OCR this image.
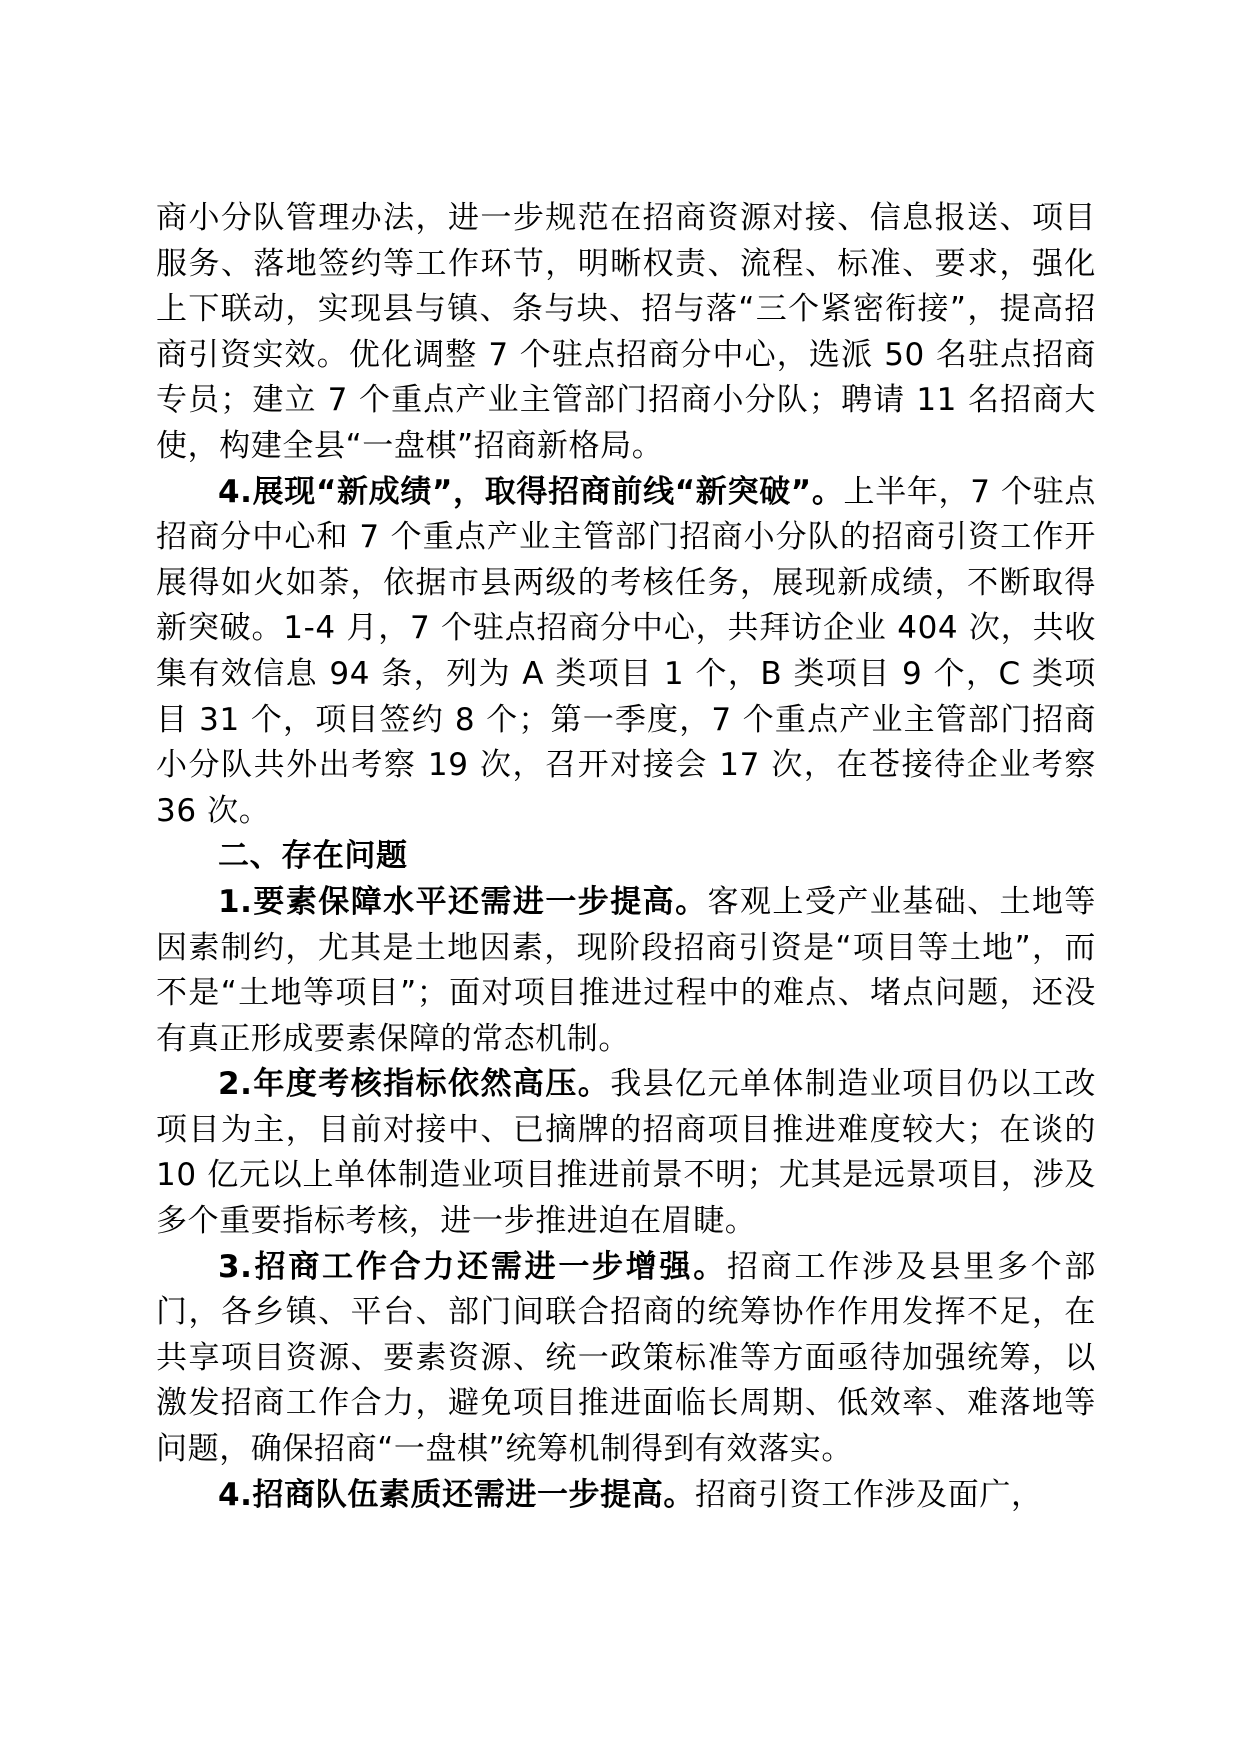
商小分队管理办法，进一步规范在招商资源对接、信息报送、项目服务、落地签约等工作环节，明晰权责、流程、标准、要求，强化上下联动，实现县与镇、条与块、招与落“三个紧密衔接”，提高招商引资实效。优化调整 7 个驻点招商分中心，选派 50 名驻点招商专员；建立 7 个重点产业主管部门招商小分队；聘请 11 名招商大使，构建全县“一盘棋”招商新格局。

4.展现“新成绩”，取得招商前线“新突破”。上半年，7 个驻点招商分中心和 7 个重点产业主管部门招商小分队的招商引资工作开展得如火如荼，依据市县两级的考核任务，展现新成绩，不断取得新突破。1-4 月，7 个驻点招商分中心，共拜访企业 404 次，共收集有效信息 94 条，列为 A 类项目 1 个，B 类项目 9 个，C 类项目 31 个，项目签约 8 个；第一季度，7 个重点产业主管部门招商小分队共外出考察 19 次，召开对接会 17 次，在苍接待企业考察 36 次。

二、存在问题

1.要素保障水平还需进一步提高。客观上受产业基础、土地等因素制约，尤其是土地因素，现阶段招商引资是“项目等土地”，而不是“土地等项目”；面对项目推进过程中的难点、堵点问题，还没有真正形成要素保障的常态机制。

2.年度考核指标依然高压。我县亿元单体制造业项目仍以工改项目为主，目前对接中、已摘牌的招商项目推进难度较大；在谈的 10 亿元以上单体制造业项目推进前景不明；尤其是远景项目，涉及多个重要指标考核，进一步推进迫在眉睫。

3.招商工作合力还需进一步增强。招商工作涉及县里多个部门，各乡镇、平台、部门间联合招商的统筹协作作用发挥不足，在共享项目资源、要素资源、统一政策标准等方面亟待加强统筹，以激发招商工作合力，避免项目推进面临长周期、低效率、难落地等问题，确保招商“一盘棋”统筹机制得到有效落实。

4.招商队伍素质还需进一步提高。招商引资工作涉及面广，
